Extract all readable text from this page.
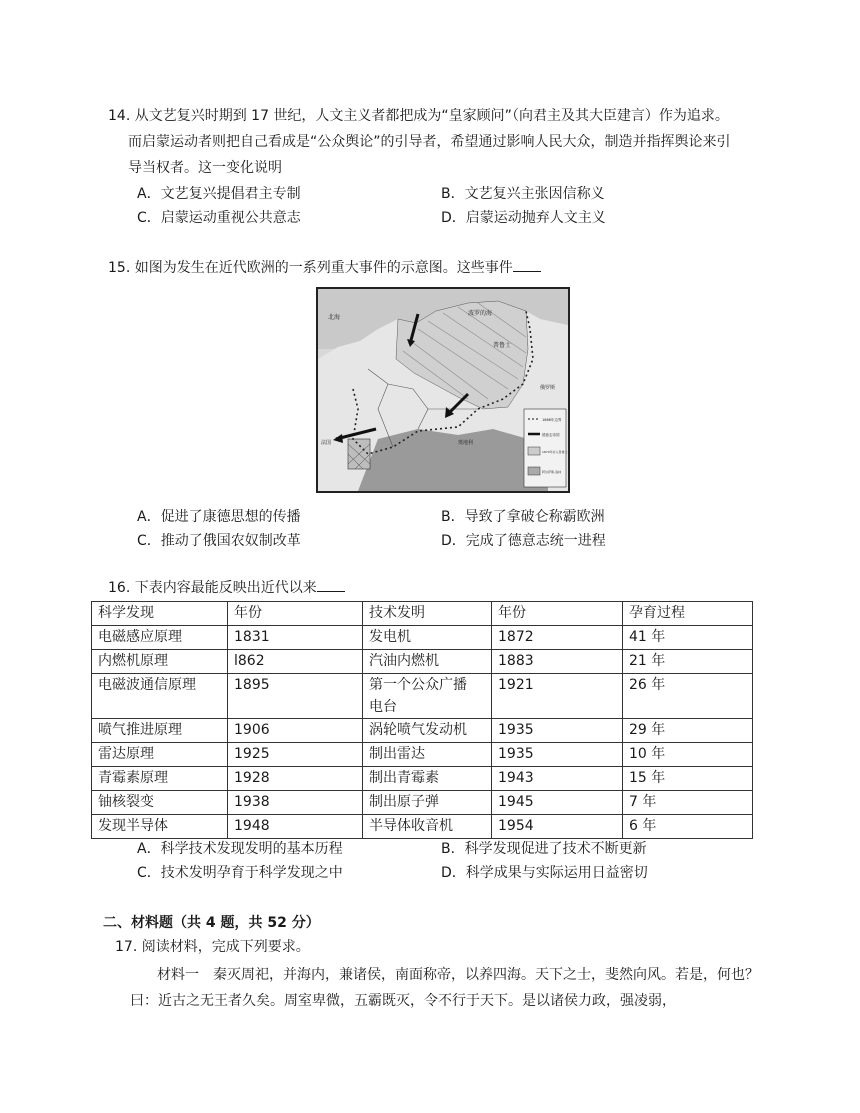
14. 从文艺复兴时期到 17 世纪，人文主义者都把成为“皇家顾问”（向君主及其大臣建言）作为追求。
而启蒙运动者则把自己看成是“公众舆论”的引导者，希望通过影响人民大众，制造并指挥舆论来引
导当权者。这一变化说明
A．文艺复兴提倡君主专制	B．文艺复兴主张因信称义
C．启蒙运动重视公共意志	D．启蒙运动抛弃人文主义
15. 如图为发生在近代欧洲的一系列重大事件的示意图。这些事件
北海
波罗的海
普鲁士
俄罗斯
奥地利
法国
1866年边界
德意志帝国
1870年并入普鲁士
阿尔萨斯-洛林
A．促进了康德思想的传播	B．导致了拿破仑称霸欧洲
C．推动了俄国农奴制改革	D．完成了德意志统一进程
16. 下表内容最能反映出近代以来
科学发现	年份	技术发明	年份	孕育过程
电磁感应原理	1831	发电机	1872	41 年
内燃机原理	l862	汽油内燃机	1883	21 年
电磁波通信原理	1895	第一个公众广播 电台	1921	26 年
喷气推进原理	1906	涡轮喷气发动机	1935	29 年
雷达原理	1925	制出雷达	1935	10 年
青霉素原理	1928	制出青霉素	1943	15 年
铀核裂变	1938	制出原子弹	1945	7 年
发现半导体	1948	半导体收音机	1954	6 年
A．科学技术发现发明的基本历程	B．科学发现促进了技术不断更新
C．技术发明孕育于科学发现之中	D．科学成果与实际运用日益密切
二、材料题（共 4 题，共 52 分）
17. 阅读材料，完成下列要求。
材料一　秦灭周祀，并海内，兼诸侯，南面称帝，以养四海。天下之士，斐然向风。若是，何也？曰：近古之无王者久矣。周室卑微，五霸既灭，令不行于天下。是以诸侯力政，强凌弱，
